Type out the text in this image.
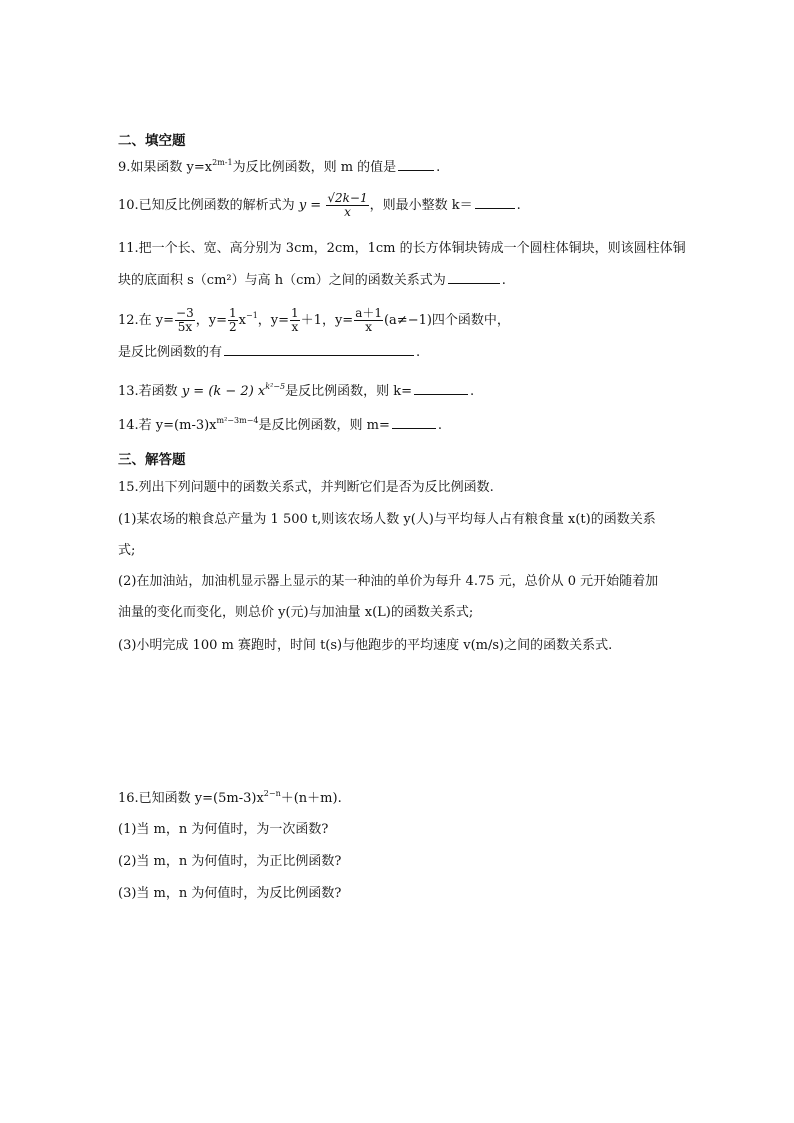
二、填空题
9.如果函数 $y=x^{2m-1}$为反比例函数，则 m 的值是	.
10.已知反比例函数的解析式为 $y = \frac{√2k-1}{x}$ ，则最小整数 k＝	.
11.把一个长、宽、高分别为 3cm，2cm，1cm 的长方体铜块铸成一个圆柱体铜块，则该圆柱体铜
块的底面积 s（cm²）与高 h（cm）之间的函数关系式为	.
12.在 $y= \frac{-3}{5x}$ ，$y= \frac{1}{2} x^{-1}$，$y= \frac{1}{x} +1$，$y= \frac{a+1}{x} (a\ne-1)$四个函数中，
是反比例函数的有	.
13.若函数 y = (k − 2) $x^{k^2-5}$是反比例函数，则 k=	.
14.若 $y=(m-3)x^{m^2-3m-4}$是反比例函数，则 m=	.
三、解答题
15.列出下列问题中的函数关系式，并判断它们是否为反比例函数.
(1)某农场的粮食总产量为 1 500 t,则该农场人数 y(人)与平均每人占有粮食量 x(t)的函数关系
式;
(2)在加油站，加油机显示器上显示的某一种油的单价为每升 4.75 元，总价从 0 元开始随着加
油量的变化而变化，则总价 y(元)与加油量 x(L)的函数关系式;
(3)小明完成 100 m 赛跑时，时间 t(s)与他跑步的平均速度 v(m/s)之间的函数关系式.
16.已知函数 $y=(5m-3)x^{2-n}+(n+m)$.
(1)当 m，n 为何值时，为一次函数?
(2)当 m，n 为何值时，为正比例函数?
(3)当 m，n 为何值时，为反比例函数?
